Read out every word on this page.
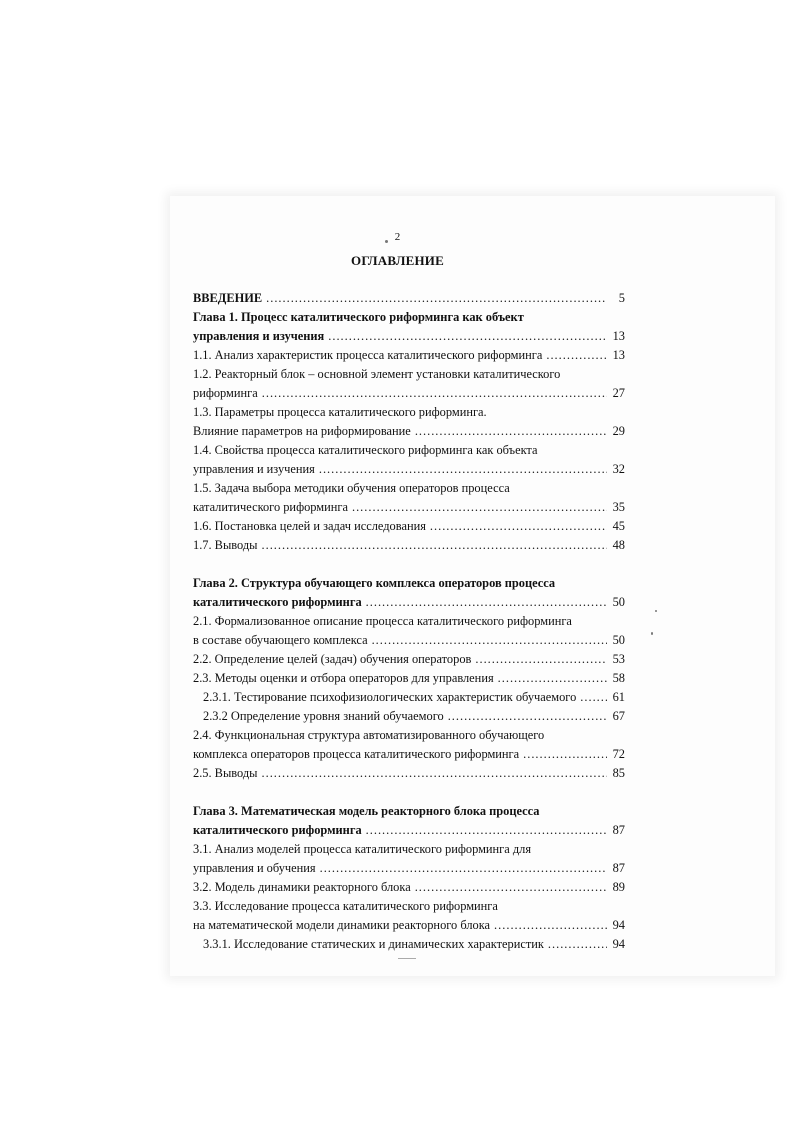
2
ОГЛАВЛЕНИЕ
ВВЕДЕНИЕ .....	5
Глава 1. Процесс каталитического риформинга как объект
управления и изучения .....	13
1.1. Анализ характеристик процесса каталитического риформинга .....	13
1.2. Реакторный блок – основной элемент установки каталитического
риформинга .....	27
1.3. Параметры процесса каталитического риформинга.
Влияние параметров на риформирование .....	29
1.4. Свойства процесса каталитического риформинга как объекта
управления и изучения .....	32
1.5. Задача выбора методики обучения операторов процесса
каталитического риформинга .....	35
1.6. Постановка целей и задач исследования .....	45
1.7. Выводы .....	48
Глава 2. Структура обучающего комплекса операторов процесса
каталитического риформинга .....	50
2.1. Формализованное описание процесса каталитического риформинга
в составе обучающего комплекса .....	50
2.2. Определение целей (задач) обучения операторов .....	53
2.3. Методы оценки и отбора операторов для управления .....	58
2.3.1. Тестирование психофизиологических характеристик обучаемого .....	61
2.3.2 Определение уровня знаний обучаемого .....	67
2.4. Функциональная структура автоматизированного обучающего
комплекса операторов процесса каталитического риформинга .....	72
2.5. Выводы .....	85
Глава 3. Математическая модель реакторного блока процесса
каталитического риформинга .....	87
3.1. Анализ моделей процесса каталитического риформинга для
управления и обучения .....	87
3.2. Модель динамики реакторного блока .....	89
3.3. Исследование процесса каталитического риформинга
на математической модели динамики реакторного блока .....	94
3.3.1. Исследование статических и динамических характеристик .....	94
